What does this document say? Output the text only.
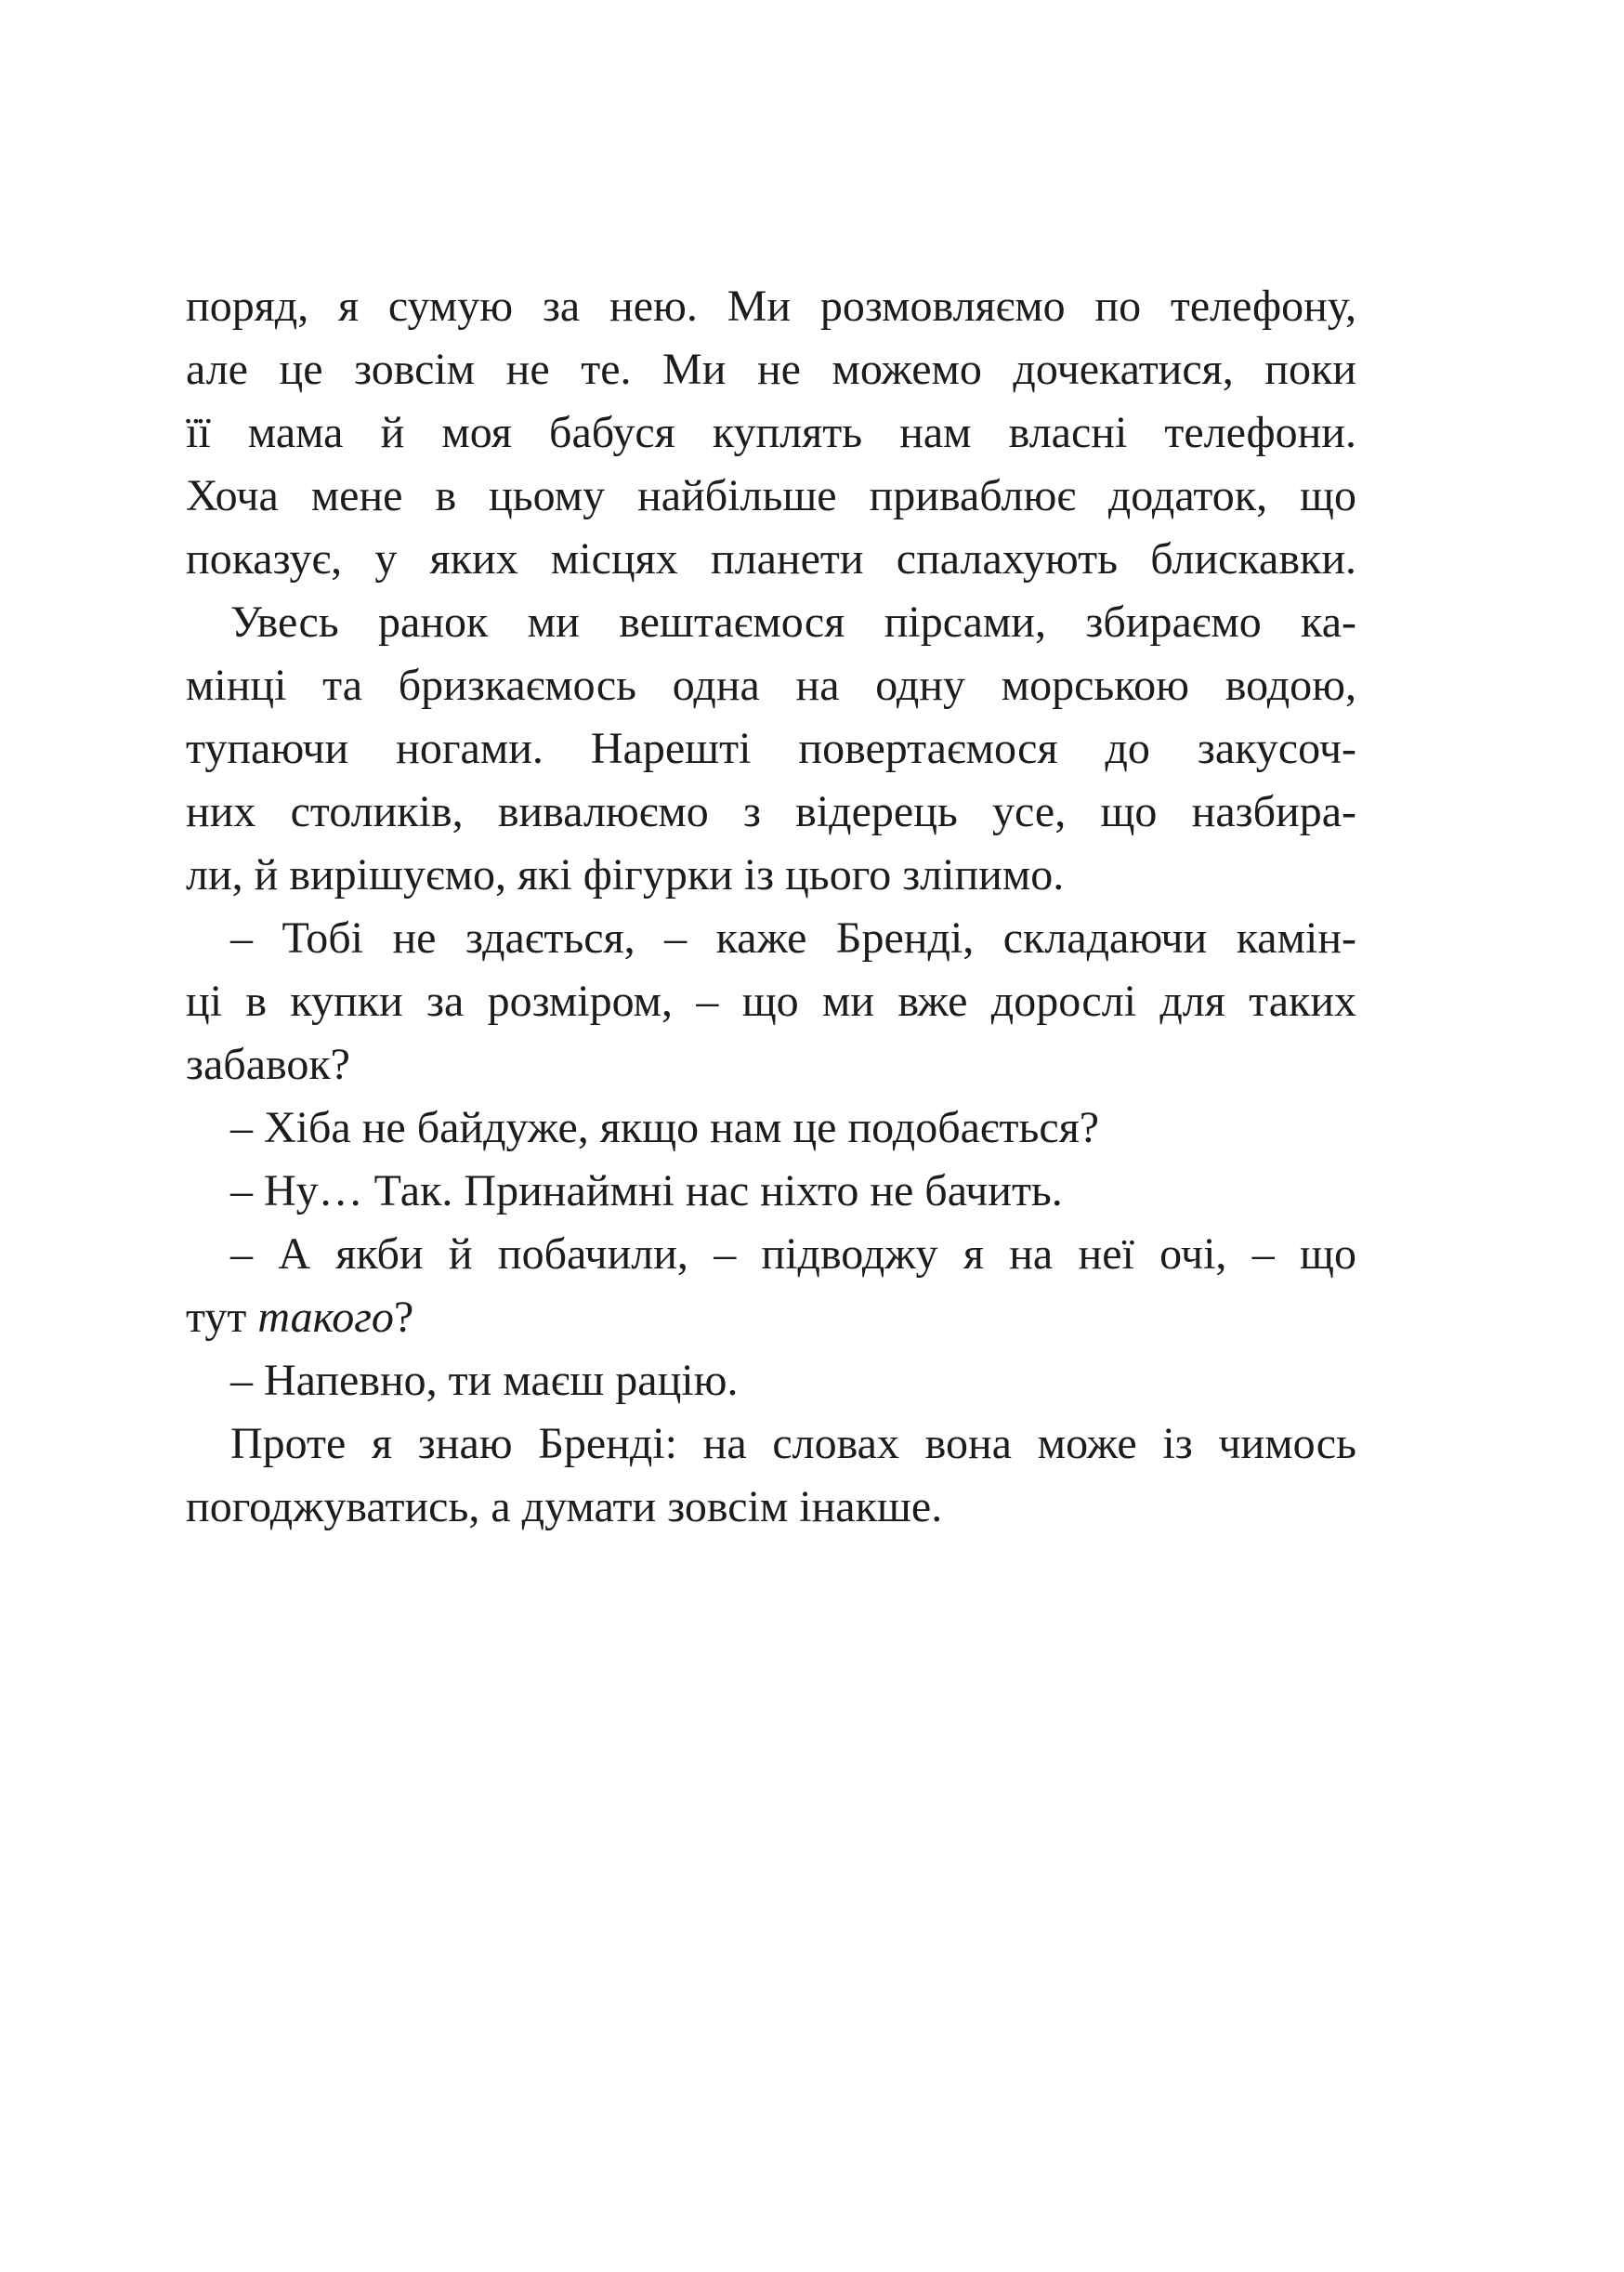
поряд, я сумую за нею. Ми розмовляємо по телефону,
але це зовсім не те. Ми не можемо дочекатися, поки
її мама й моя бабуся куплять нам власні телефони.
Хоча мене в цьому найбільше приваблює додаток, що
показує, у яких місцях планети спалахують блискавки.
Увесь ранок ми вештаємося пірсами, збираємо ка-
мінці та бризкаємось одна на одну морською водою,
тупаючи ногами. Нарешті повертаємося до закусоч-
них столиків, вивалюємо з відерець усе, що назбира-
ли, й вирішуємо, які фігурки із цього зліпимо.
– Тобі не здається, – каже Бренді, складаючи камін-
ці в купки за розміром, – що ми вже дорослі для таких
забавок?
– Хіба не байдуже, якщо нам це подобається?
– Ну… Так. Принаймні нас ніхто не бачить.
– А якби й побачили, – підводжу я на неї очі, – що
тут такого?
– Напевно, ти маєш рацію.
Проте я знаю Бренді: на словах вона може із чимось
погоджуватись, а думати зовсім інакше.
